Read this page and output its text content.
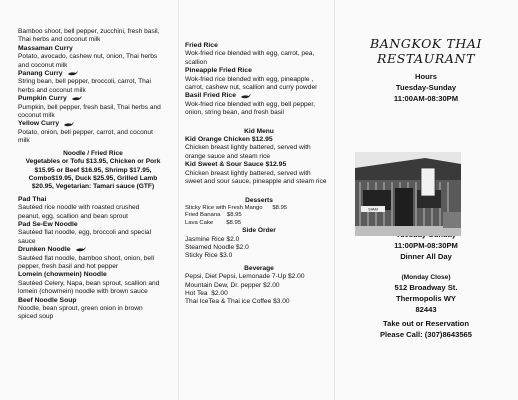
Bamboo shoot, bell pepper, zucchini, fresh basil,
Thai herbs and coconut milk
Massaman Curry
Potato, avocado, cashew nut, onion, Thai herbs
and coconut milk
Panang Curry
String bean, bell pepper, broccoli, carrot, Thai
herbs and coconut milk
Pumpkin Curry
Pumpkin, bell pepper, fresh basil, Thai herbs and
coconut milk
Yellow Curry
Potato, onion, bell pepper, carrot, and coconut
milk
Noodle / Fried Rice
Vegetables or Tofu $13.95, Chicken or Pork
$15.95 or Beef $16.95, Shrimp $17.95,
Combo$19.95, Duck $25.95, Grilled Lamb
$20.95, Vegetarian: Tamari sauce (GTF)
Pad Thai
Sautéed rice noodle with roasted crushed
peanut, egg, scallion and bean sprout
Pad Se-Ew Noodle
Sautéed flat noodle, egg, broccoli and special
sauce
Drunken Noodle
Sautéed flat noodle, bamboo shoot, onion, bell
pepper, fresh basil and hot pepper
Lomein (chowmein) Noodle
Sautéed Celery, Napa, bean sprout, scallion and
lomein (chowmein) noodle with brown sauce
Beef Noodle Soup
Noodle, bean sprout, green onion in brown
spiced soup
Fried Rice
Wok-fried rice blended with egg, carrot, pea,
scallion
Pineapple Fried Rice
Wok-fried rice blended with egg, pineapple ,
carrot, cashew nut, scallion and curry powder
Basil Fried Rice
Wok-fried rice blended with egg, bell pepper,
onion, string bean, and fresh basil
Kid Menu
Kid Orange Chicken $12.95
Chicken breast lightly battered, served with
orange sauce and steam rice
Kid Sweet & Sour Sauce $12.95
Chicken breast lightly battered, served with
sweet and sour sauce, pineapple and steam rice
Desserts
Sticky Rice with Fresh Mango      $8.95
Fried Banana    $8.95
Lava Cake        $8.95
Side Order
Jasmine Rice $2.0
Steamed Noodle $2.0
Sticky Rice $3.0
Beverage
Pepsi, Diet Pepsi, Lemonade 7-Up $2.00
Mountain Dew, Dr. pepper $2.00
Hot Tea  $2.00
Thai IceTea & Thai ice Coffee $3.00
BANGKOK THAI
RESTAURANT
Hours
Tuesday-Sunday
11:00AM-08:30PM
11:00PM-08:30PM
Dinner All Day
(Monday Close)
512 Broadway St.
Thermopolis WY
82443
Take out or Reservation
Please Call: (307)8643565
SIAM
